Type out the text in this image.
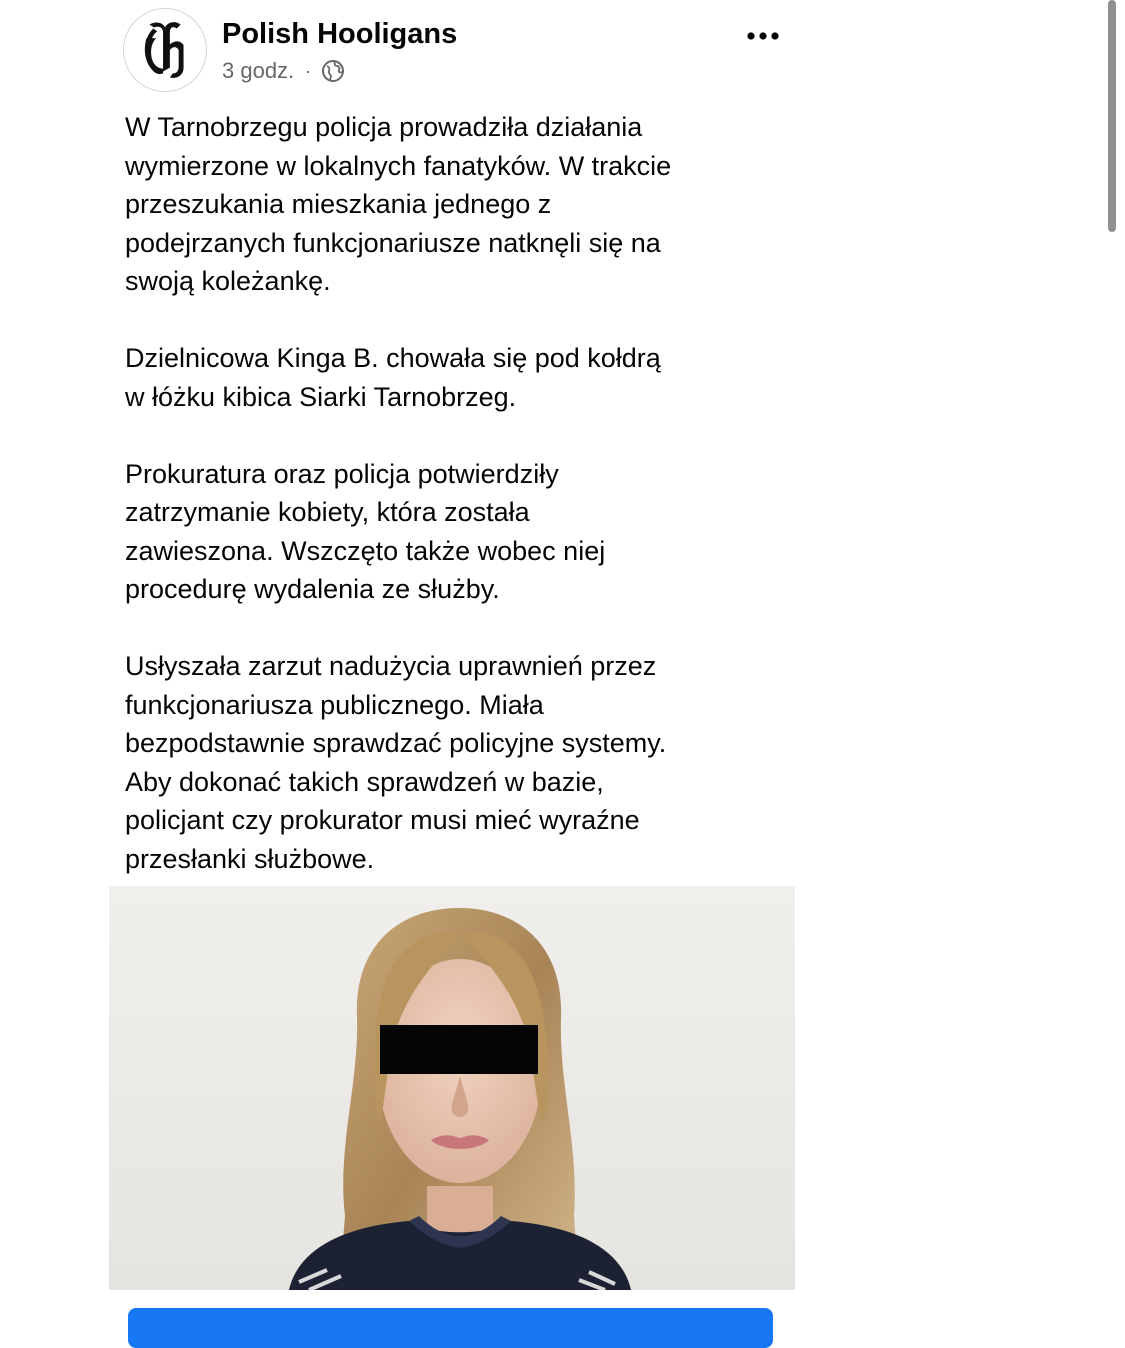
Polish Hooligans
3 godz. ·

W Tarnobrzegu policja prowadziła działania
wymierzone w lokalnych fanatyków. W trakcie
przeszukania mieszkania jednego z
podejrzanych funkcjonariusze natknęli się na
swoją koleżankę.

Dzielnicowa Kinga B. chowała się pod kołdrą
w łóżku kibica Siarki Tarnobrzeg.

Prokuratura oraz policja potwierdziły
zatrzymanie kobiety, która została
zawieszona. Wszczęto także wobec niej
procedurę wydalenia ze służby.

Usłyszała zarzut nadużycia uprawnień przez
funkcjonariusza publicznego. Miała
bezpodstawnie sprawdzać policyjne systemy.
Aby dokonać takich sprawdzeń w bazie,
policjant czy prokurator musi mieć wyraźne
przesłanki służbowe.
